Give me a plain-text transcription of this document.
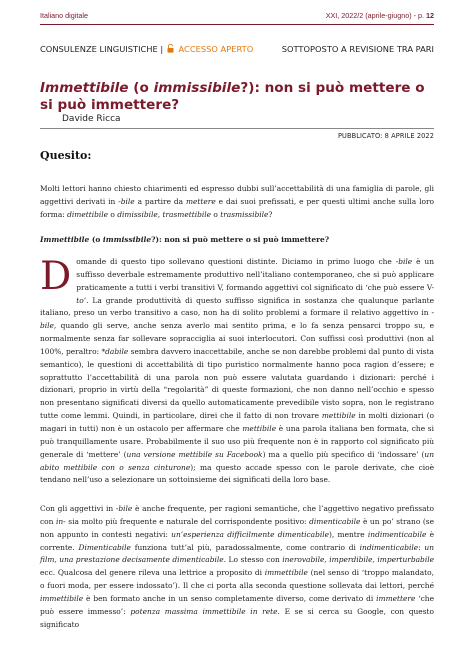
Italiano digitale	XXI, 2022/2 (aprile-giugno) - p. 12
CONSULENZE LINGUISTICHE | ACCESSO APERTO	SOTTOPOSTO A REVISIONE TRA PARI
Immettibile (o immissibile?): non si può mettere o si può immettere?
Davide Ricca
PUBBLICATO: 8 APRILE 2022
Quesito:
Molti lettori hanno chiesto chiarimenti ed espresso dubbi sull’accettabilità di una famiglia di parole, gli aggettivi derivati in -bile a partire da mettere e dai suoi prefissati, e per questi ultimi anche sulla loro forma: dimettibile o dimissibile, trasmettibile o trasmissibile?
Immettibile (o immissibile?): non si può mettere o si può immettere?
Domande di questo tipo sollevano questioni distinte. Diciamo in primo luogo che -bile è un suffisso deverbale estremamente produttivo nell’italiano contemporaneo, che si può applicare praticamente a tutti i verbi transitivi V, formando aggettivi col significato di ‘che può essere V-to’. La grande produttività di questo suffisso significa in sostanza che qualunque parlante italiano, preso un verbo transitivo a caso, non ha di solito problemi a formare il relativo aggettivo in -bile, quando gli serve, anche senza averlo mai sentito prima, e lo fa senza pensarci troppo su, e normalmente senza far sollevare sopracciglia ai suoi interlocutori. Con suffissi così produttivi (non al 100%, peraltro: *dabile sembra davvero inaccettabile, anche se non darebbe problemi dal punto di vista semantico), le questioni di accettabilità di tipo puristico normalmente hanno poca ragion d’essere; e soprattutto l’accettabilità di una parola non può essere valutata guardando i dizionari: perché i dizionari, proprio in virtù della “regolarità” di queste formazioni, che non danno nell’occhio e spesso non presentano significati diversi da quello automaticamente prevedibile visto sopra, non le registrano tutte come lemmi. Quindi, in particolare, direi che il fatto di non trovare mettibile in molti dizionari (o magari in tutti) non è un ostacolo per affermare che mettibile è una parola italiana ben formata, che si può tranquillamente usare. Probabilmente il suo uso più frequente non è in rapporto col significato più generale di ‘mettere’ (una versione mettibile su Facebook) ma a quello più specifico di ‘indossare’ (un abito mettibile con o senza cinturone); ma questo accade spesso con le parole derivate, che cioè tendano nell’uso a selezionare un sottoinsieme dei significati della loro base.
Con gli aggettivi in -bile è anche frequente, per ragioni semantiche, che l’aggettivo negativo prefissato con in- sia molto più frequente e naturale del corrispondente positivo: dimenticabile è un po’ strano (se non appunto in contesti negativi: un’esperienza difficilmente dimenticabile), mentre indimenticabile è corrente. Dimenticabile funziona tutt’al più, paradossalmente, come contrario di indimenticabile: un film, una prestazione decisamente dimenticabile. Lo stesso con inerovabile, imperdibile, imperturbabile ecc. Qualcosa del genere rileva una lettrice a proposito di immettibile (nel senso di ‘troppo malandato, o fuori moda, per essere indossato’). Il che ci porta alla seconda questione sollevata dai lettori, perché immettibile è ben formato anche in un senso completamente diverso, come derivato di immettere ‘che può essere immesso’: potenza massima immettibile in rete. E se si cerca su Google, con questo significato
